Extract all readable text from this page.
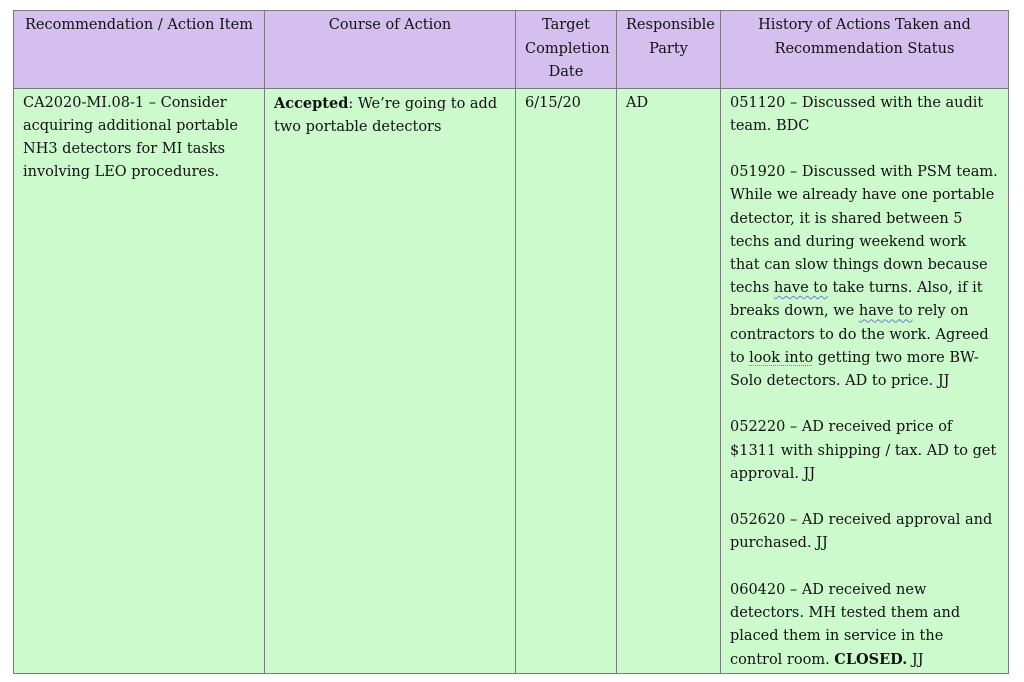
Recommendation / Action Item	Course of Action	Target Completion Date	Responsible Party	History of Actions Taken and Recommendation Status
CA2020-MI.08-1 – Consider acquiring additional portable NH3 detectors for MI tasks involving LEO procedures.	Accepted: We’re going to add two portable detectors	6/15/20	AD	051120 – Discussed with the audit team. BDC
051920 – Discussed with PSM team. While we already have one portable detector, it is shared between 5 techs and during weekend work that can slow things down because techs have to take turns. Also, if it breaks down, we have to rely on contractors to do the work. Agreed to look into getting two more BW-Solo detectors. AD to price. JJ
052220 – AD received price of $1311 with shipping / tax. AD to get approval. JJ
052620 – AD received approval and purchased. JJ
060420 – AD received new detectors. MH tested them and placed them in service in the control room. CLOSED. JJ
